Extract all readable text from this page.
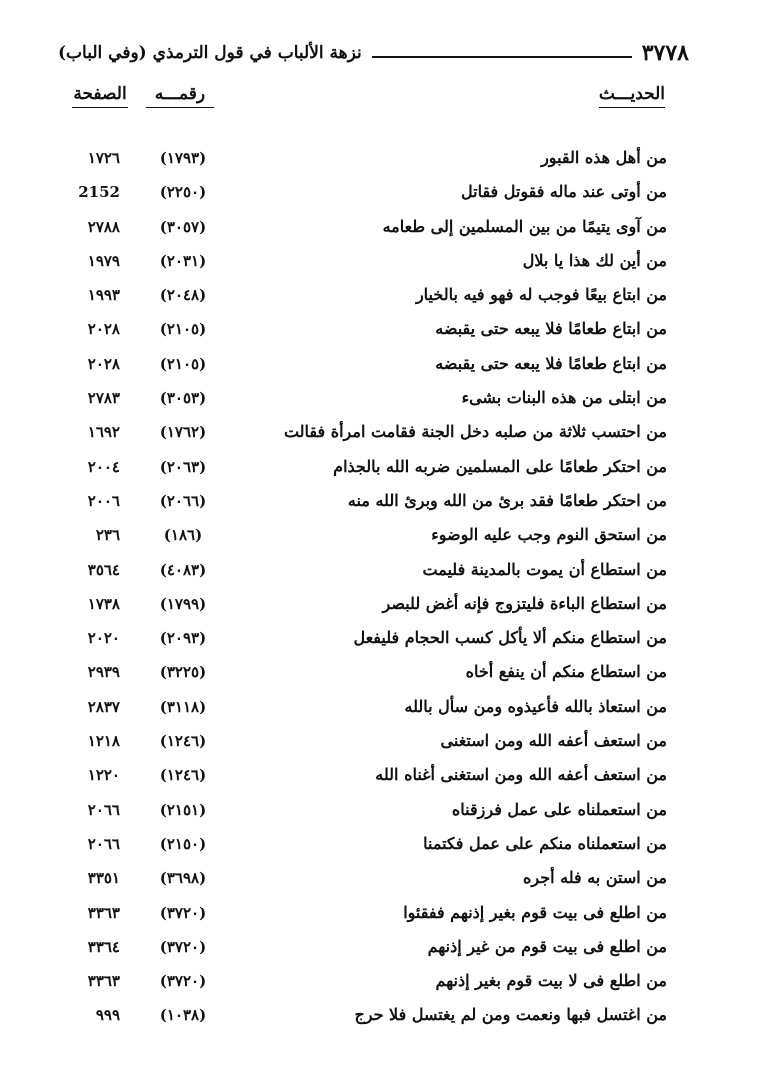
نزهة الألباب في قول الترمذي (وفي الباب)	٣٧٧٨
الحديـــث
رقمـــه
الصفحة
من أهل هذه القبور
(١٧٩٣)
١٧٢٦
من أوتى عند ماله فقوتل فقاتل
(٢٢٥٠)
2152
من آوى يتيمًا من بين المسلمين إلى طعامه
(٣٠٥٧)
٢٧٨٨
من أين لك هذا يا بلال
(٢٠٣١)
١٩٧٩
من ابتاع بيعًا فوجب له فهو فيه بالخيار
(٢٠٤٨)
١٩٩٣
من ابتاع طعامًا فلا يبعه حتى يقبضه
(٢١٠٥)
٢٠٢٨
من ابتاع طعامًا فلا يبعه حتى يقبضه
(٢١٠٥)
٢٠٢٨
من ابتلى من هذه البنات بشىء
(٣٠٥٣)
٢٧٨٣
من احتسب ثلاثة من صلبه دخل الجنة فقامت امرأة فقالت
(١٧٦٢)
١٦٩٢
من احتكر طعامًا على المسلمين ضربه الله بالجذام
(٢٠٦٣)
٢٠٠٤
من احتكر طعامًا فقد برئ من الله وبرئ الله منه
(٢٠٦٦)
٢٠٠٦
من استحق النوم وجب عليه الوضوء
(١٨٦)
٢٣٦
من استطاع أن يموت بالمدينة فليمت
(٤٠٨٣)
٣٥٦٤
من استطاع الباءة فليتزوج فإنه أغض للبصر
(١٧٩٩)
١٧٣٨
من استطاع منكم ألا يأكل كسب الحجام فليفعل
(٢٠٩٣)
٢٠٢٠
من استطاع منكم أن ينفع أخاه
(٣٢٢٥)
٢٩٣٩
من استعاذ بالله فأعيذوه ومن سأل بالله
(٣١١٨)
٢٨٣٧
من استعف أعفه الله ومن استغنى
(١٢٤٦)
١٢١٨
من استعف أعفه الله ومن استغنى أغناه الله
(١٢٤٦)
١٢٢٠
من استعملناه على عمل فرزقناه
(٢١٥١)
٢٠٦٦
من استعملناه منكم على عمل فكتمنا
(٢١٥٠)
٢٠٦٦
من استن به فله أجره
(٣٦٩٨)
٣٣٥١
من اطلع فى بيت قوم بغير إذنهم ففقئوا
(٣٧٢٠)
٣٣٦٣
من اطلع فى بيت قوم من غير إذنهم
(٣٧٢٠)
٣٣٦٤
من اطلع فى لا بيت قوم بغير إذنهم
(٣٧٢٠)
٣٣٦٣
من اغتسل فبها ونعمت ومن لم يغتسل فلا حرج
(١٠٣٨)
٩٩٩
